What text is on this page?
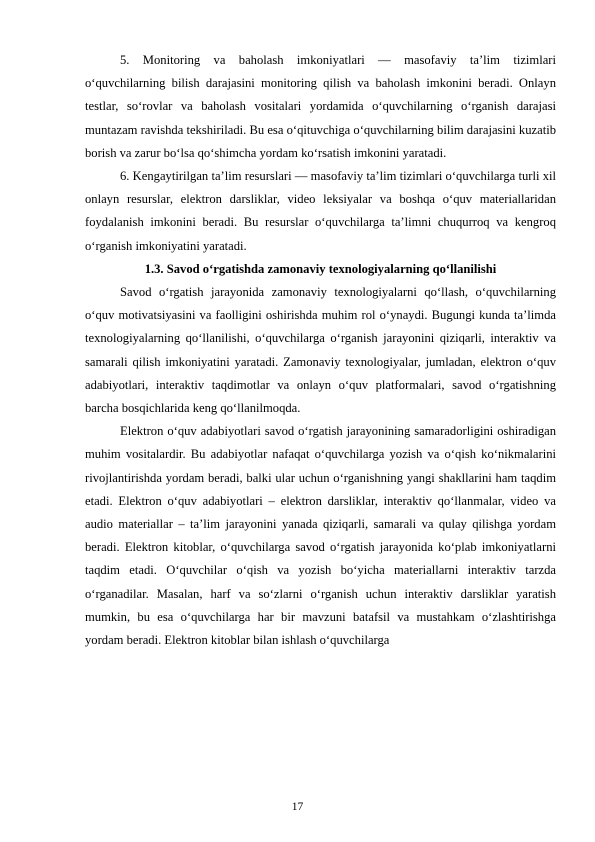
5. Monitoring va baholash imkoniyatlari — masofaviy ta’lim tizimlari o‘quvchilarning bilish darajasini monitoring qilish va baholash imkonini beradi. Onlayn testlar, so‘rovlar va baholash vositalari yordamida o‘quvchilarning o‘rganish darajasi muntazam ravishda tekshiriladi. Bu esa o‘qituvchiga o‘quvchilarning bilim darajasini kuzatib borish va zarur bo‘lsa qo‘shimcha yordam ko‘rsatish imkonini yaratadi.

6. Kengaytirilgan ta’lim resurslari — masofaviy ta’lim tizimlari o‘quvchilarga turli xil onlayn resurslar, elektron darsliklar, video leksiyalar va boshqa o‘quv materiallaridan foydalanish imkonini beradi. Bu resurslar o‘quvchilarga ta’limni chuqurroq va kengroq o‘rganish imkoniyatini yaratadi.

1.3. Savod o‘rgatishda zamonaviy texnologiyalarning qo‘llanilishi

Savod o‘rgatish jarayonida zamonaviy texnologiyalarni qo‘llash, o‘quvchilarning o‘quv motivatsiyasini va faolligini oshirishda muhim rol o‘ynaydi. Bugungi kunda ta’limda texnologiyalarning qo‘llanilishi, o‘quvchilarga o‘rganish jarayonini qiziqarli, interaktiv va samarali qilish imkoniyatini yaratadi. Zamonaviy texnologiyalar, jumladan, elektron o‘quv adabiyotlari, interaktiv taqdimotlar va onlayn o‘quv platformalari, savod o‘rgatishning barcha bosqichlarida keng qo‘llanilmoqda.

Elektron o‘quv adabiyotlari savod o‘rgatish jarayonining samaradorligini oshiradigan muhim vositalardir. Bu adabiyotlar nafaqat o‘quvchilarga yozish va o‘qish ko‘nikmalarini rivojlantirishda yordam beradi, balki ular uchun o‘rganishning yangi shakllarini ham taqdim etadi. Elektron o‘quv adabiyotlari – elektron darsliklar, interaktiv qo‘llanmalar, video va audio materiallar – ta’lim jarayonini yanada qiziqarli, samarali va qulay qilishga yordam beradi. Elektron kitoblar, o‘quvchilarga savod o‘rgatish jarayonida ko‘plab imkoniyatlarni taqdim etadi. O‘quvchilar o‘qish va yozish bo‘yicha materiallarni interaktiv tarzda o‘rganadilar. Masalan, harf va so‘zlarni o‘rganish uchun interaktiv darsliklar yaratish mumkin, bu esa o‘quvchilarga har bir mavzuni batafsil va mustahkam o‘zlashtirishga yordam beradi. Elektron kitoblar bilan ishlash o‘quvchilarga

17
